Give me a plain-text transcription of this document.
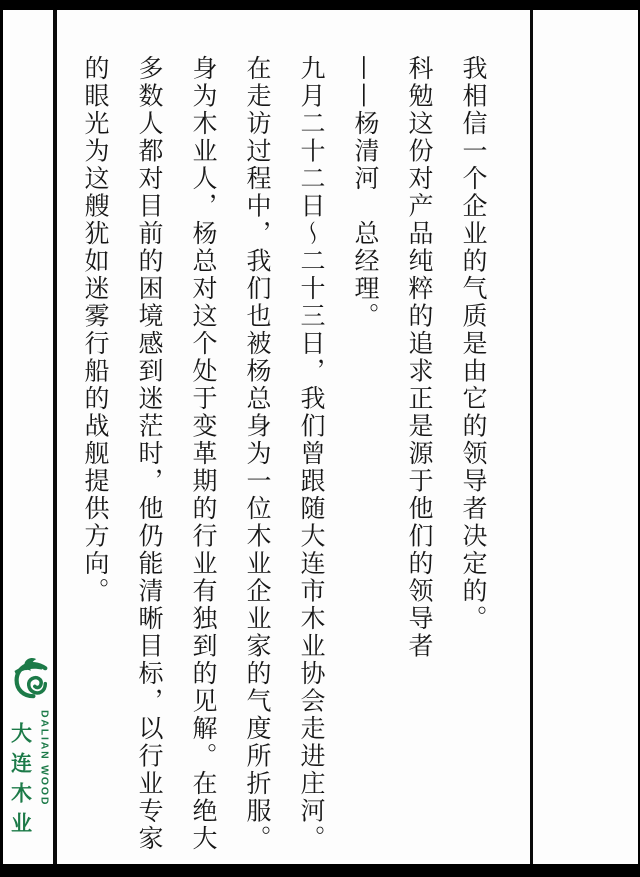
大连木业 DALIAN WOOD
我相信一个企业的气质是由它的领导者决定的。
科勉这份对产品纯粹的追求正是源于他们的领导者
——杨清河　总经理。
九月二十二日～二十三日，我们曾跟随大连市木业协会走进庄河。
在走访过程中，我们也被杨总身为一位木业企业家的气度所折服。
身为木业人，杨总对这个处于变革期的行业有独到的见解。在绝大
多数人都对目前的困境感到迷茫时，他仍能清晰目标，以行业专家
的眼光为这艘犹如迷雾行船的战舰提供方向。
